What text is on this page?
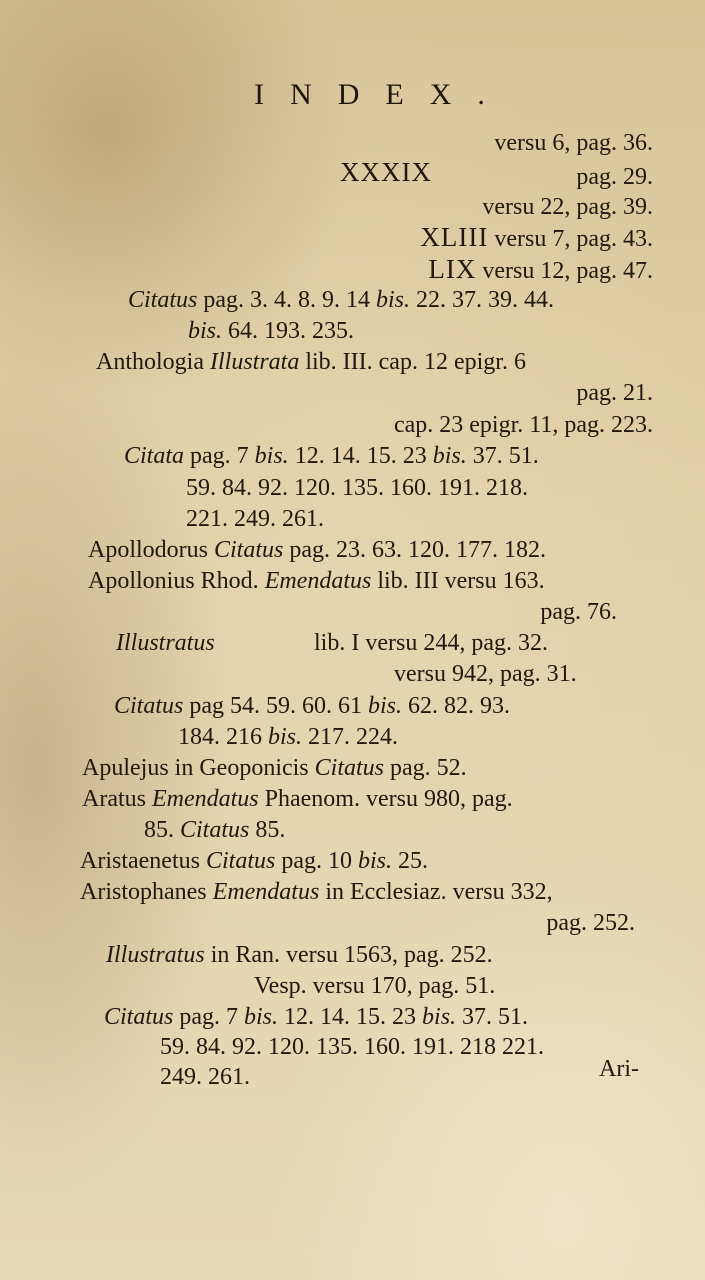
INDEX.
versu 6, pag. 36.
XXXIX	pag. 29.
versu 22, pag. 39.
XLIII versu 7, pag. 43.
LIX versu 12, pag. 47.
Citatus pag. 3. 4. 8. 9. 14 bis. 22. 37. 39. 44.
bis. 64. 193. 235.
Anthologia Illustrata lib. III. cap. 12 epigr. 6
pag. 21.
cap. 23 epigr. 11, pag. 223.
Citata pag. 7 bis. 12. 14. 15. 23 bis. 37. 51.
59. 84. 92. 120. 135. 160. 191. 218.
221. 249. 261.
Apollodorus Citatus pag. 23. 63. 120. 177. 182.
Apollonius Rhod. Emendatus lib. III versu 163.
pag. 76.
Illustratus	lib. I versu 244, pag. 32.
versu 942, pag. 31.
Citatus pag 54. 59. 60. 61 bis. 62. 82. 93.
184. 216 bis. 217. 224.
Apulejus in Geoponicis Citatus pag. 52.
Aratus Emendatus Phaenom. versu 980, pag.
85. Citatus 85.
Aristaenetus Citatus pag. 10 bis. 25.
Aristophanes Emendatus in Ecclesiaz. versu 332,
pag. 252.
Illustratus in Ran. versu 1563, pag. 252.
Vesp. versu 170, pag. 51.
Citatus pag. 7 bis. 12. 14. 15. 23 bis. 37. 51.
59. 84. 92. 120. 135. 160. 191. 218 221.
249. 261.	Ari-
